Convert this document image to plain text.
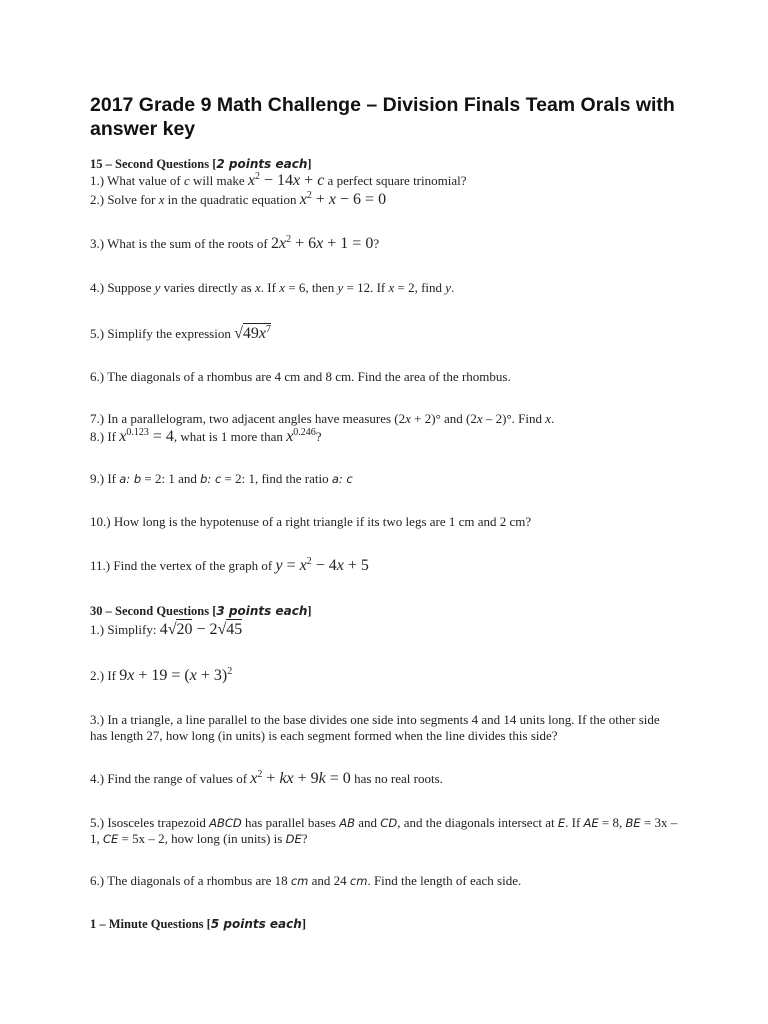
2017 Grade 9 Math Challenge – Division Finals Team Orals with answer key
15 – Second Questions [2 points each]
1.) What value of c will make $x^2 - 14x + c$ a perfect square trinomial?
2.) Solve for x in the quadratic equation $x^2 + x - 6 = 0$
3.) What is the sum of the roots of $2x^2 + 6x + 1 = 0$?
4.) Suppose y varies directly as x. If x = 6, then y = 12. If x = 2, find y.
5.) Simplify the expression $√49x^7$
6.) The diagonals of a rhombus are 4 cm and 8 cm. Find the area of the rhombus.
7.) In a parallelogram, two adjacent angles have measures (2x + 2)° and (2x – 2)°. Find x.
8.) If $x^{0.123} = 4$, what is 1 more than $x^{0.246}$?
9.) If a: b = 2: 1 and b: c = 2: 1, find the ratio a: c
10.) How long is the hypotenuse of a right triangle if its two legs are 1 cm and 2 cm?
11.) Find the vertex of the graph of $y = x^2 - 4x + 5$
30 – Second Questions [3 points each]
1.) Simplify: 4√20 − 2√45
2.) If $9x + 19 = (x + 3)^2$
3.) In a triangle, a line parallel to the base divides one side into segments 4 and 14 units long. If the other side has length 27, how long (in units) is each segment formed when the line divides this side?
4.) Find the range of values of $x^2$ + kx + 9k = 0 has no real roots.
5.) Isosceles trapezoid ABCD has parallel bases AB and CD, and the diagonals intersect at E. If AE = 8, BE = 3x – 1, CE = 5x – 2, how long (in units) is DE?
6.) The diagonals of a rhombus are 18 cm and 24 cm. Find the length of each side.
1 – Minute Questions [5 points each]
